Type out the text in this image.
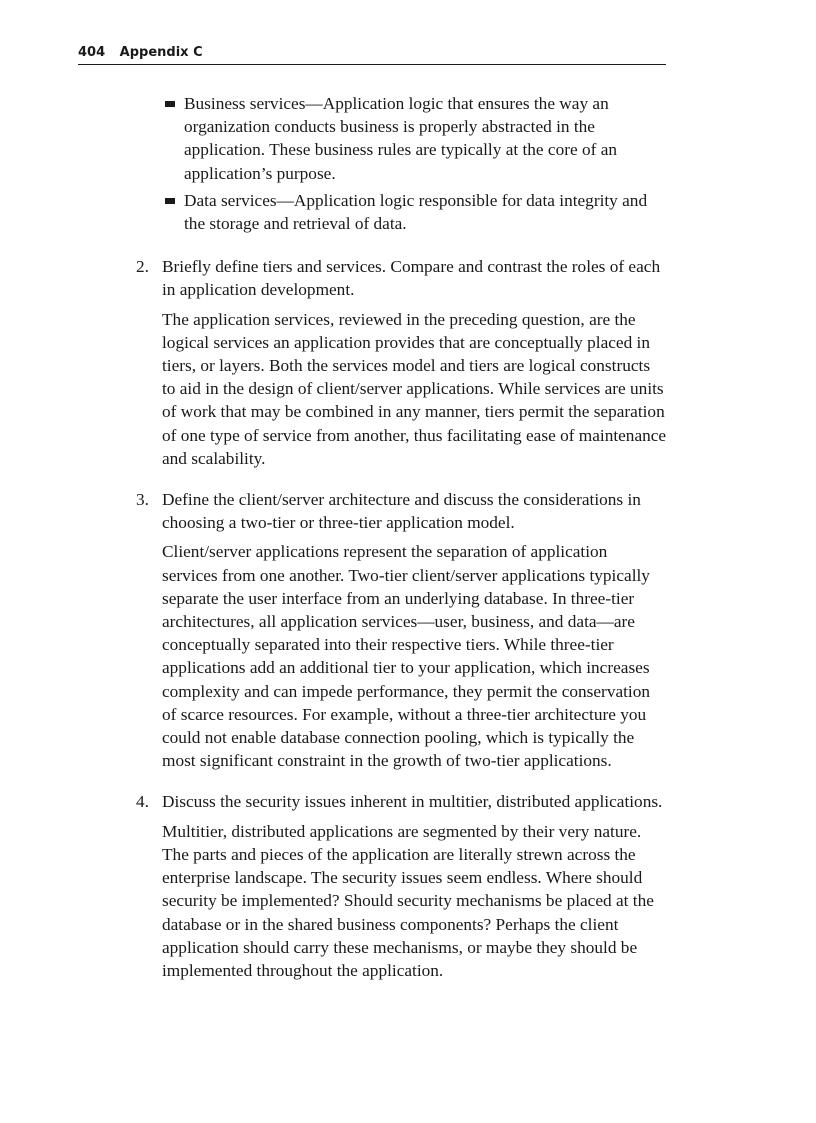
404 Appendix C
Business services—Application logic that ensures the way an organization conducts business is properly abstracted in the application. These business rules are typically at the core of an application’s purpose.
Data services—Application logic responsible for data integrity and the storage and retrieval of data.
2. Briefly define tiers and services. Compare and contrast the roles of each in application development.

The application services, reviewed in the preceding question, are the logical services an application provides that are conceptually placed in tiers, or layers. Both the services model and tiers are logical constructs to aid in the design of client/server applications. While services are units of work that may be combined in any manner, tiers permit the separation of one type of service from another, thus facilitating ease of maintenance and scalability.

3. Define the client/server architecture and discuss the considerations in choosing a two-tier or three-tier application model.

Client/server applications represent the separation of application services from one another. Two-tier client/server applications typically separate the user interface from an underlying database. In three-tier architectures, all application services—user, business, and data—are conceptually separated into their respective tiers. While three-tier applications add an additional tier to your application, which increases complexity and can impede performance, they permit the conservation of scarce resources. For example, without a three-tier architecture you could not enable database connection pooling, which is typically the most significant constraint in the growth of two-tier applications.

4. Discuss the security issues inherent in multitier, distributed applications.

Multitier, distributed applications are segmented by their very nature. The parts and pieces of the application are literally strewn across the enterprise landscape. The security issues seem endless. Where should security be implemented? Should security mechanisms be placed at the database or in the shared business components? Perhaps the client application should carry these mechanisms, or maybe they should be implemented throughout the application.
